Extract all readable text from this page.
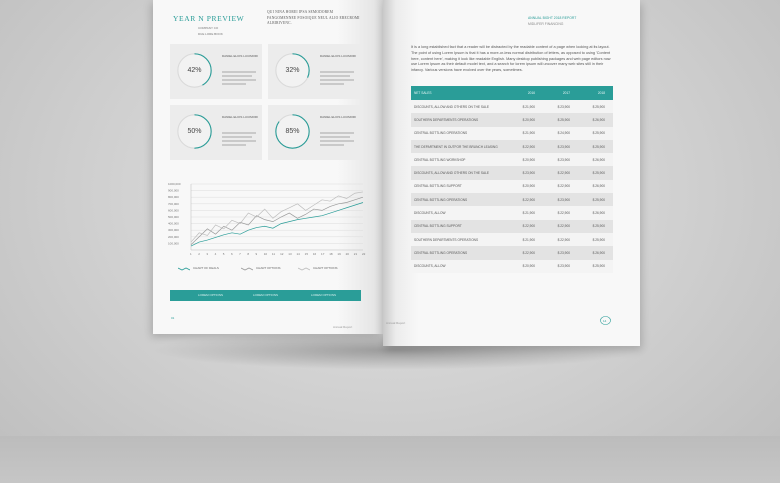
YEAR N PREVIEW
COMPANY CO
DUE LORE BOOK
QUI NINA HOREI IPSA SEMODOREM FANGOMENNEE FOSOIQUE NEUL ALIO ERECROMI ALRIRIVENC.
42%
DANIEL ELIOS LUCIMORI
32%
DANIEL ELIOS LUCIMORI
50%
DANIEL ELIOS LUCIMORI
85%
DANIEL ELIOS LUCIMORI
1000,000
900,000
800,000
700,000
600,000
500,000
400,000
300,000
200,000
100,000
1 2 3 4 5 6 7 8 9 10 11 12 13 14 15 16 17 18 19 20 21 22
CHART OF DEALS	CHART OPTIONS	CHART OPTIONS
LOREM OPTIONS	LOREM OPTIONS	LOREM OPTIONS
01
Annual Report
ANNUAL BIGHT 2018 REPORT
MIDLIFER FINANCING
It is a long established fact that a reader will be distracted by the readable content of a page when looking at its layout. The point of using Lorem Ipsum is that it has a more-or-less normal distribution of letters, as opposed to using 'Content here, content here', making it look like readable English. Many desktop publishing packages and web page editors now use Lorem Ipsum as their default model text, and a search for lorem ipsum will uncover many web sites still in their infancy. Various versions have evolved over the years, sometimes.
NET SALES	2016	2017	2018
DISCOUNTS, ALLOW AND OTHERS ON THE SALE	$ 21,900	$ 23,900	$ 25,900
SOUTHERN DEPARTMENTS OPERATIONS	$ 20,900	$ 25,900	$ 26,900
CENTRAL BOTTLING OPERATIONS	$ 21,900	$ 24,900	$ 25,900
THE DEPARTMENT IN OUTFOR THE BRUNCH LEASING	$ 22,900	$ 23,900	$ 25,900
CENTRAL BOTTLING WORKSHOP	$ 20,900	$ 23,900	$ 26,900
DISCOUNTS, ALLOW AND OTHERS ON THE SALE	$ 23,900	$ 22,900	$ 25,900
CENTRAL BOTTLING SUPPORT	$ 20,900	$ 22,900	$ 26,900
CENTRAL BOTTLING OPERATIONS	$ 22,900	$ 23,900	$ 25,900
DISCOUNTS, ALLOW	$ 21,900	$ 22,900	$ 26,900
CENTRAL BOTTLING SUPPORT	$ 22,900	$ 22,900	$ 25,900
SOUTHERN DEPARTMENTS OPERATIONS	$ 21,900	$ 22,900	$ 25,900
CENTRAL BOTTLING OPERATIONS	$ 22,900	$ 23,900	$ 26,900
DISCOUNTS, ALLOW	$ 20,900	$ 23,900	$ 25,900
Annual Report	14
